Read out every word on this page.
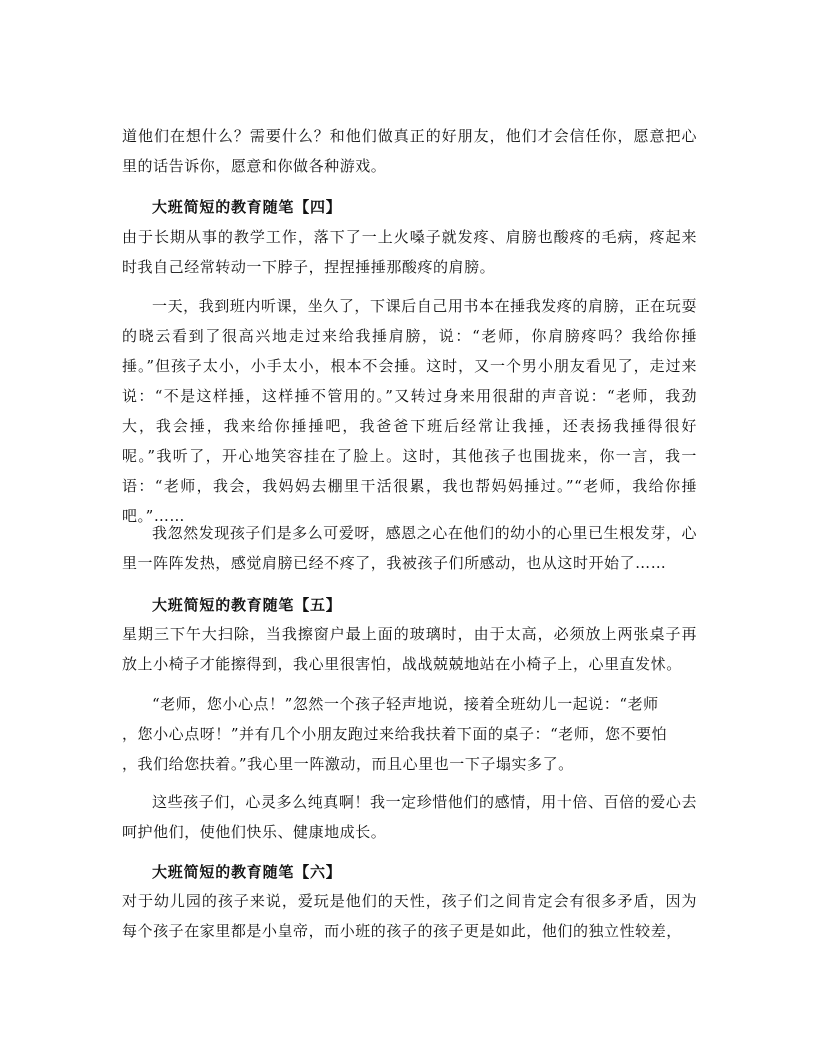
道他们在想什么？需要什么？和他们做真正的好朋友，他们才会信任你，愿意把心里的话告诉你，愿意和你做各种游戏。

大班简短的教育随笔【四】

由于长期从事的教学工作，落下了一上火嗓子就发疼、肩膀也酸疼的毛病，疼起来时我自己经常转动一下脖子，捏捏捶捶那酸疼的肩膀。

一天，我到班内听课，坐久了，下课后自己用书本在捶我发疼的肩膀，正在玩耍的晓云看到了很高兴地走过来给我捶肩膀，说：“老师，你肩膀疼吗？我给你捶捶。”但孩子太小，小手太小，根本不会捶。这时，又一个男小朋友看见了，走过来说：“不是这样捶，这样捶不管用的。”又转过身来用很甜的声音说：“老师，我劲大，我会捶，我来给你捶捶吧，我爸爸下班后经常让我捶，还表扬我捶得很好呢。”我听了，开心地笑容挂在了脸上。这时，其他孩子也围拢来，你一言，我一语：“老师，我会，我妈妈去棚里干活很累，我也帮妈妈捶过。”“老师，我给你捶吧。”……

我忽然发现孩子们是多么可爱呀，感恩之心在他们的幼小的心里已生根发芽，心里一阵阵发热，感觉肩膀已经不疼了，我被孩子们所感动，也从这时开始了……

大班简短的教育随笔【五】

星期三下午大扫除，当我擦窗户最上面的玻璃时，由于太高，必须放上两张桌子再放上小椅子才能擦得到，我心里很害怕，战战兢兢地站在小椅子上，心里直发怵。

“老师，您小心点！”忽然一个孩子轻声地说，接着全班幼儿一起说：“老师

，您小心点呀！”并有几个小朋友跑过来给我扶着下面的桌子：“老师，您不要怕

，我们给您扶着。”我心里一阵激动，而且心里也一下子塌实多了。

这些孩子们，心灵多么纯真啊！我一定珍惜他们的感情，用十倍、百倍的爱心去呵护他们，使他们快乐、健康地成长。

大班简短的教育随笔【六】

对于幼儿园的孩子来说，爱玩是他们的天性，孩子们之间肯定会有很多矛盾，因为每个孩子在家里都是小皇帝，而小班的孩子的孩子更是如此，他们的独立性较差，
